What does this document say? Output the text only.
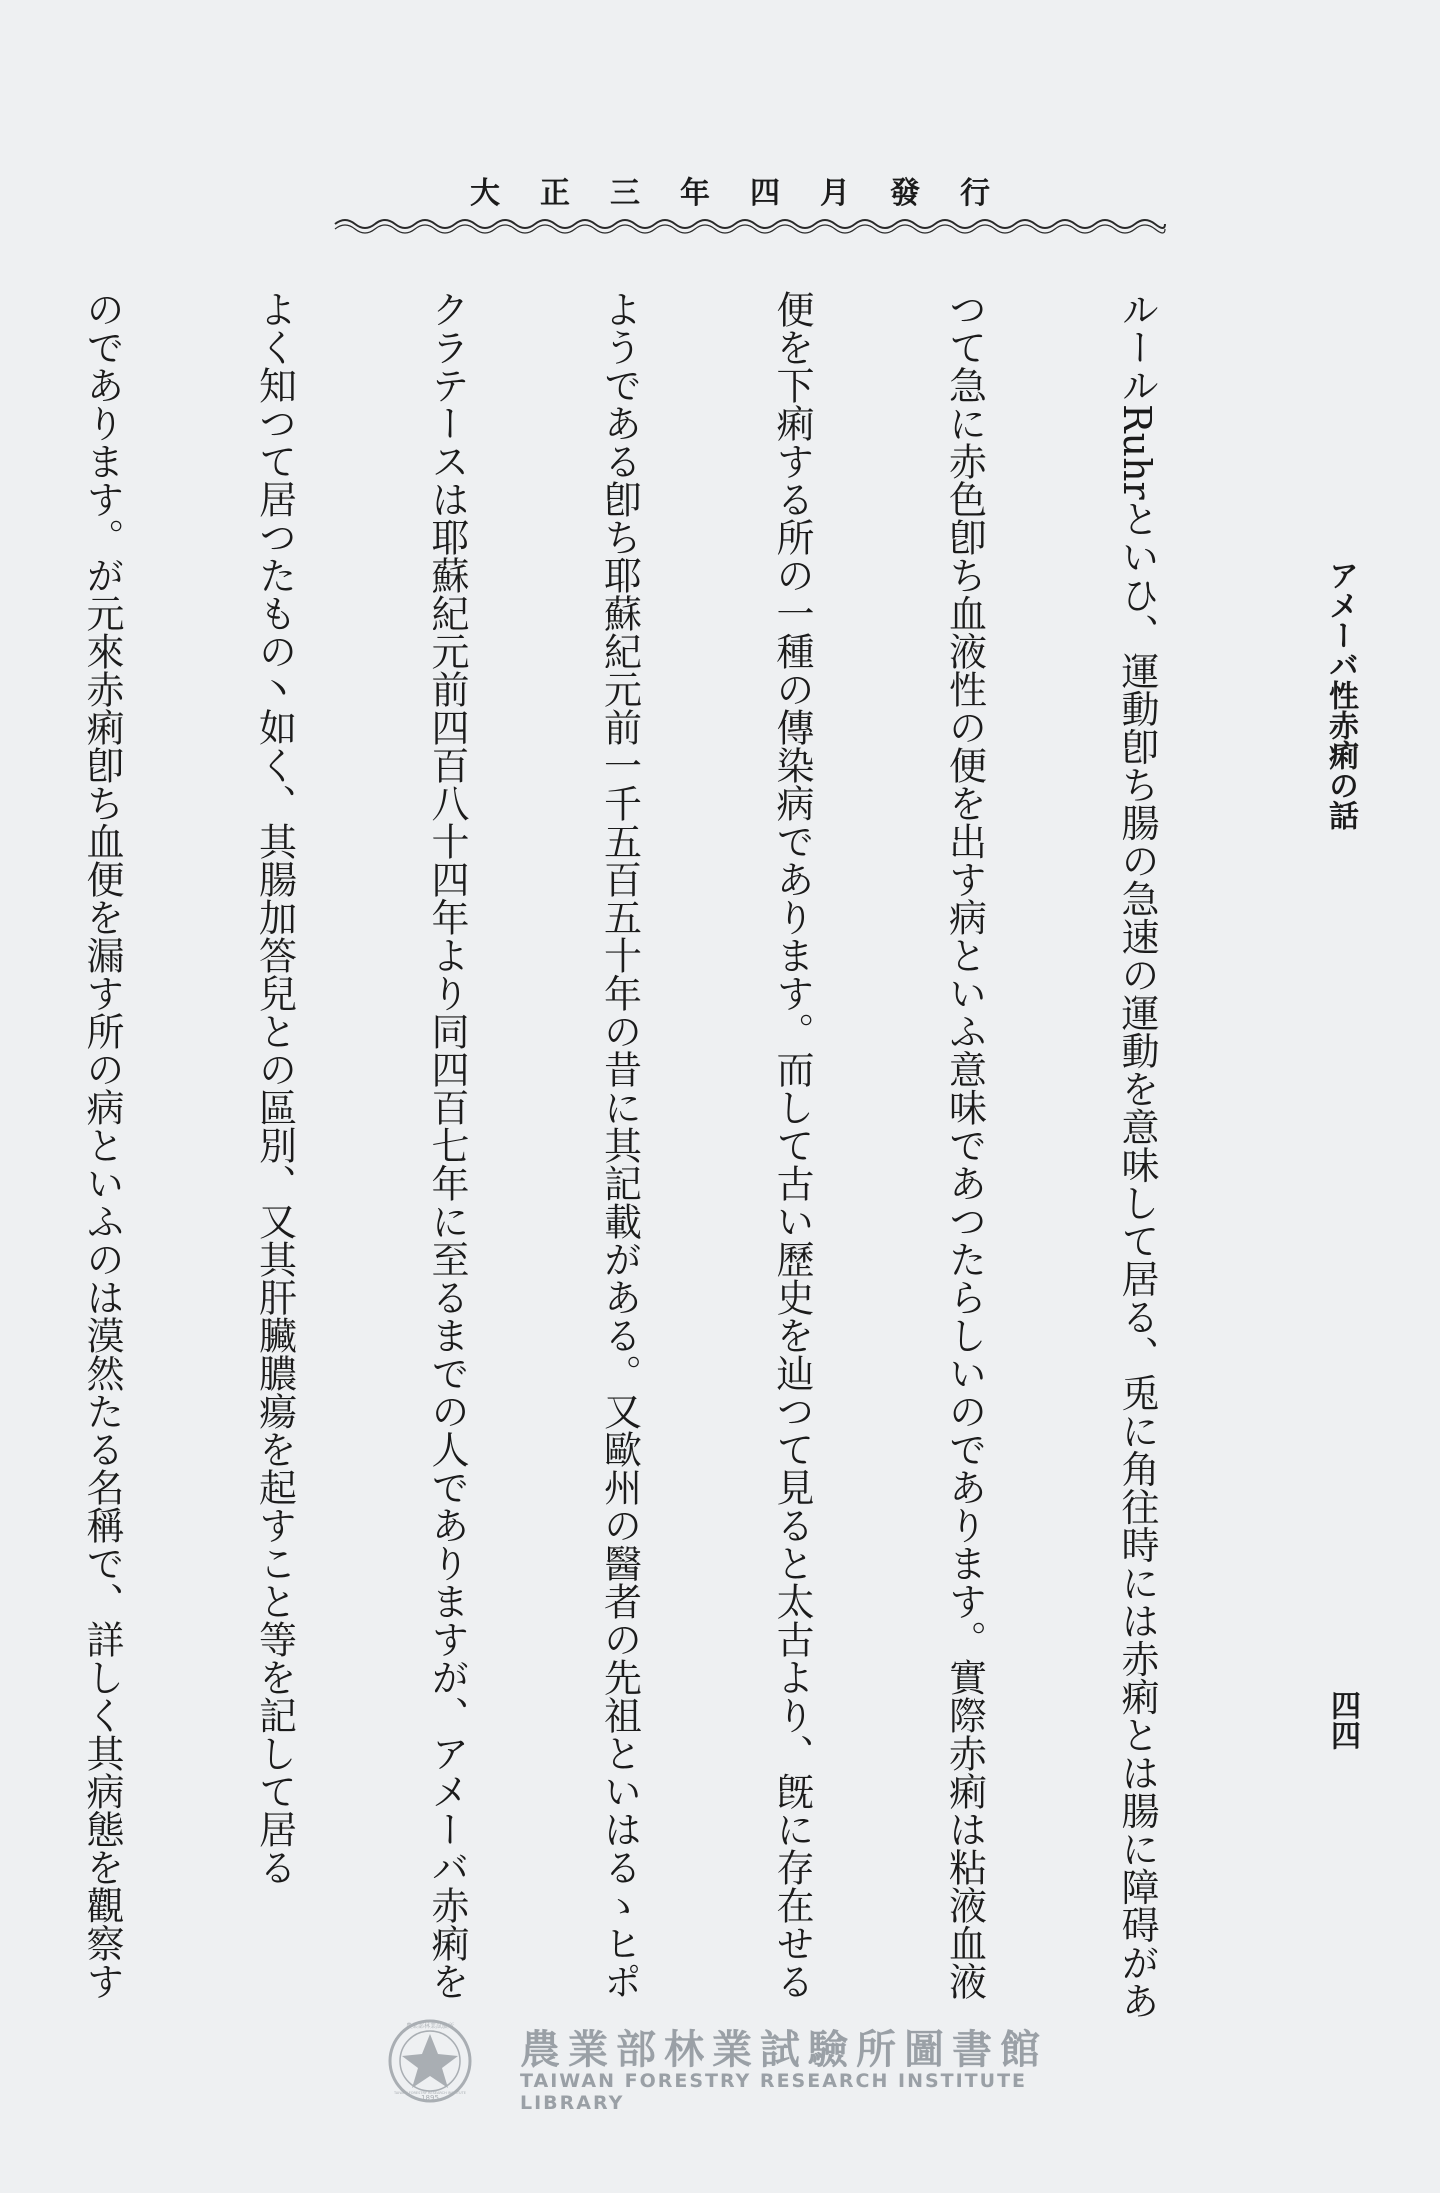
大 正 三 年 四 月 發 行
アメーバ性赤痢の話
四四

ルールRuhrといひ、運動卽ち腸の急速の運動を意味して居る、兎に角往時には赤痢とは腸に障碍があ

つて急に赤色卽ち血液性の便を出す病といふ意味であつたらしいのであります。實際赤痢は粘液血液

便を下痢する所の一種の傳染病であります。而して古い歷史を辿つて見ると太古より、旣に存在せる

ようである卽ち耶蘇紀元前一千五百五十年の昔に其記載がある。又歐州の醫者の先祖といはるゝヒポ

クラテースは耶蘇紀元前四百八十四年より同四百七年に至るまでの人でありますが、アメーバ赤痢を

よく知つて居つたもの丶如く、其腸加答兒との區別、又其肝臟膿瘍を起すこと等を記して居る

のであります。が元來赤痢卽ち血便を漏す所の病といふのは漠然たる名稱で、詳しく其病態を觀察す

1895
農業部林業試驗所
TAIWAN FORESTRY RESEARCH INSTITUTE
農業部林業試驗所圖書館
TAIWAN FORESTRY RESEARCH INSTITUTE LIBRARY
